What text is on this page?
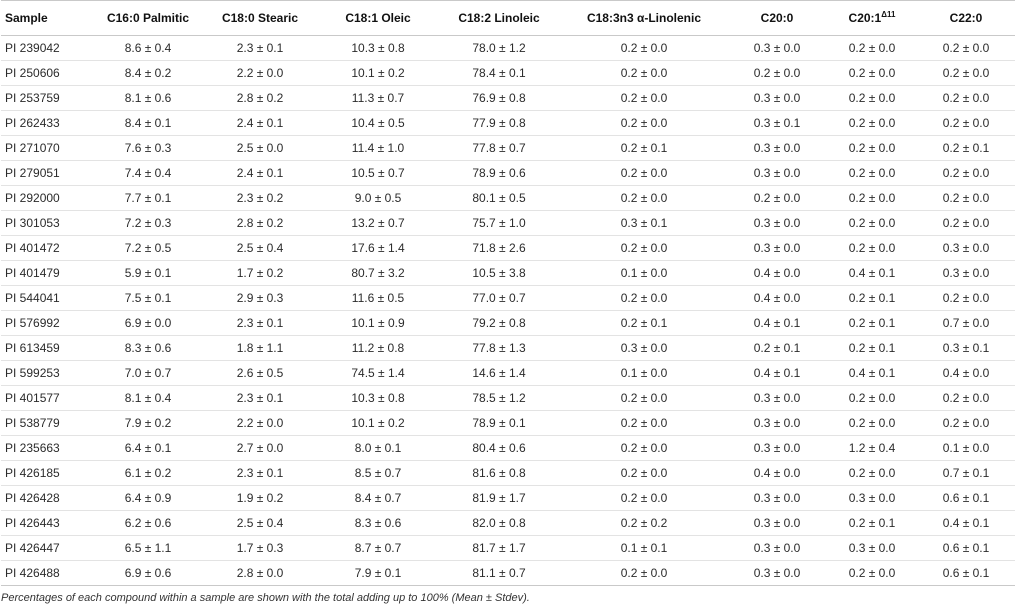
Sample	C16:0 Palmitic	C18:0 Stearic	C18:1 Oleic	C18:2 Linoleic	C18:3n3 α-Linolenic	C20:0	$C20:1^{\Delta 11}$	C22:0
PI 239042	8.6 ± 0.4	2.3 ± 0.1	10.3 ± 0.8	78.0 ± 1.2	0.2 ± 0.0	0.3 ± 0.0	0.2 ± 0.0	0.2 ± 0.0
PI 250606	8.4 ± 0.2	2.2 ± 0.0	10.1 ± 0.2	78.4 ± 0.1	0.2 ± 0.0	0.2 ± 0.0	0.2 ± 0.0	0.2 ± 0.0
PI 253759	8.1 ± 0.6	2.8 ± 0.2	11.3 ± 0.7	76.9 ± 0.8	0.2 ± 0.0	0.3 ± 0.0	0.2 ± 0.0	0.2 ± 0.0
PI 262433	8.4 ± 0.1	2.4 ± 0.1	10.4 ± 0.5	77.9 ± 0.8	0.2 ± 0.0	0.3 ± 0.1	0.2 ± 0.0	0.2 ± 0.0
PI 271070	7.6 ± 0.3	2.5 ± 0.0	11.4 ± 1.0	77.8 ± 0.7	0.2 ± 0.1	0.3 ± 0.0	0.2 ± 0.0	0.2 ± 0.1
PI 279051	7.4 ± 0.4	2.4 ± 0.1	10.5 ± 0.7	78.9 ± 0.6	0.2 ± 0.0	0.3 ± 0.0	0.2 ± 0.0	0.2 ± 0.0
PI 292000	7.7 ± 0.1	2.3 ± 0.2	9.0 ± 0.5	80.1 ± 0.5	0.2 ± 0.0	0.2 ± 0.0	0.2 ± 0.0	0.2 ± 0.0
PI 301053	7.2 ± 0.3	2.8 ± 0.2	13.2 ± 0.7	75.7 ± 1.0	0.3 ± 0.1	0.3 ± 0.0	0.2 ± 0.0	0.2 ± 0.0
PI 401472	7.2 ± 0.5	2.5 ± 0.4	17.6 ± 1.4	71.8 ± 2.6	0.2 ± 0.0	0.3 ± 0.0	0.2 ± 0.0	0.3 ± 0.0
PI 401479	5.9 ± 0.1	1.7 ± 0.2	80.7 ± 3.2	10.5 ± 3.8	0.1 ± 0.0	0.4 ± 0.0	0.4 ± 0.1	0.3 ± 0.0
PI 544041	7.5 ± 0.1	2.9 ± 0.3	11.6 ± 0.5	77.0 ± 0.7	0.2 ± 0.0	0.4 ± 0.0	0.2 ± 0.1	0.2 ± 0.0
PI 576992	6.9 ± 0.0	2.3 ± 0.1	10.1 ± 0.9	79.2 ± 0.8	0.2 ± 0.1	0.4 ± 0.1	0.2 ± 0.1	0.7 ± 0.0
PI 613459	8.3 ± 0.6	1.8 ± 1.1	11.2 ± 0.8	77.8 ± 1.3	0.3 ± 0.0	0.2 ± 0.1	0.2 ± 0.1	0.3 ± 0.1
PI 599253	7.0 ± 0.7	2.6 ± 0.5	74.5 ± 1.4	14.6 ± 1.4	0.1 ± 0.0	0.4 ± 0.1	0.4 ± 0.1	0.4 ± 0.0
PI 401577	8.1 ± 0.4	2.3 ± 0.1	10.3 ± 0.8	78.5 ± 1.2	0.2 ± 0.0	0.3 ± 0.0	0.2 ± 0.0	0.2 ± 0.0
PI 538779	7.9 ± 0.2	2.2 ± 0.0	10.1 ± 0.2	78.9 ± 0.1	0.2 ± 0.0	0.3 ± 0.0	0.2 ± 0.0	0.2 ± 0.0
PI 235663	6.4 ± 0.1	2.7 ± 0.0	8.0 ± 0.1	80.4 ± 0.6	0.2 ± 0.0	0.3 ± 0.0	1.2 ± 0.4	0.1 ± 0.0
PI 426185	6.1 ± 0.2	2.3 ± 0.1	8.5 ± 0.7	81.6 ± 0.8	0.2 ± 0.0	0.4 ± 0.0	0.2 ± 0.0	0.7 ± 0.1
PI 426428	6.4 ± 0.9	1.9 ± 0.2	8.4 ± 0.7	81.9 ± 1.7	0.2 ± 0.0	0.3 ± 0.0	0.3 ± 0.0	0.6 ± 0.1
PI 426443	6.2 ± 0.6	2.5 ± 0.4	8.3 ± 0.6	82.0 ± 0.8	0.2 ± 0.2	0.3 ± 0.0	0.2 ± 0.1	0.4 ± 0.1
PI 426447	6.5 ± 1.1	1.7 ± 0.3	8.7 ± 0.7	81.7 ± 1.7	0.1 ± 0.1	0.3 ± 0.0	0.3 ± 0.0	0.6 ± 0.1
PI 426488	6.9 ± 0.6	2.8 ± 0.0	7.9 ± 0.1	81.1 ± 0.7	0.2 ± 0.0	0.3 ± 0.0	0.2 ± 0.0	0.6 ± 0.1
Percentages of each compound within a sample are shown with the total adding up to 100% (Mean ± Stdev).
